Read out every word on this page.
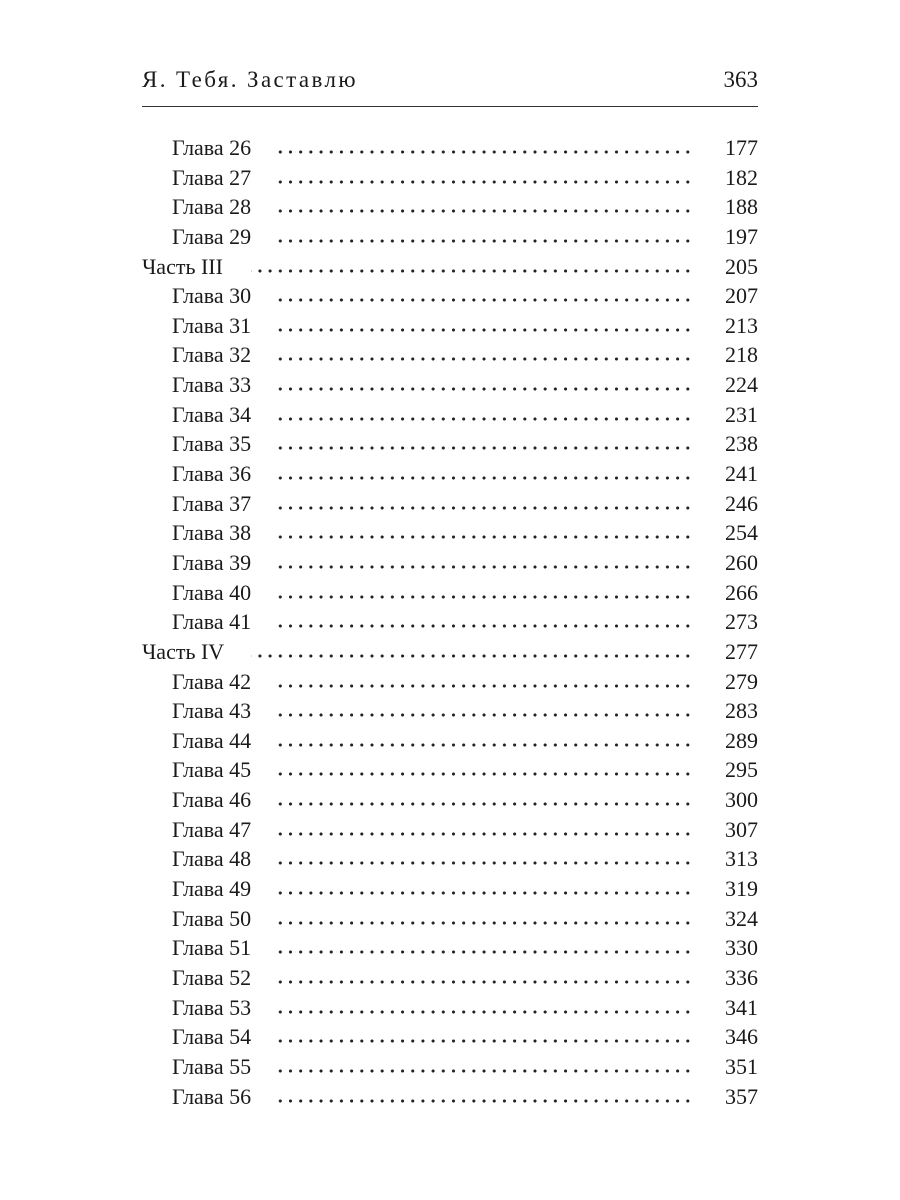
Я. Тебя. Заставлю	363
Глава 26	177
Глава 27	182
Глава 28	188
Глава 29	197
Часть III	205
Глава 30	207
Глава 31	213
Глава 32	218
Глава 33	224
Глава 34	231
Глава 35	238
Глава 36	241
Глава 37	246
Глава 38	254
Глава 39	260
Глава 40	266
Глава 41	273
Часть IV	277
Глава 42	279
Глава 43	283
Глава 44	289
Глава 45	295
Глава 46	300
Глава 47	307
Глава 48	313
Глава 49	319
Глава 50	324
Глава 51	330
Глава 52	336
Глава 53	341
Глава 54	346
Глава 55	351
Глава 56	357
